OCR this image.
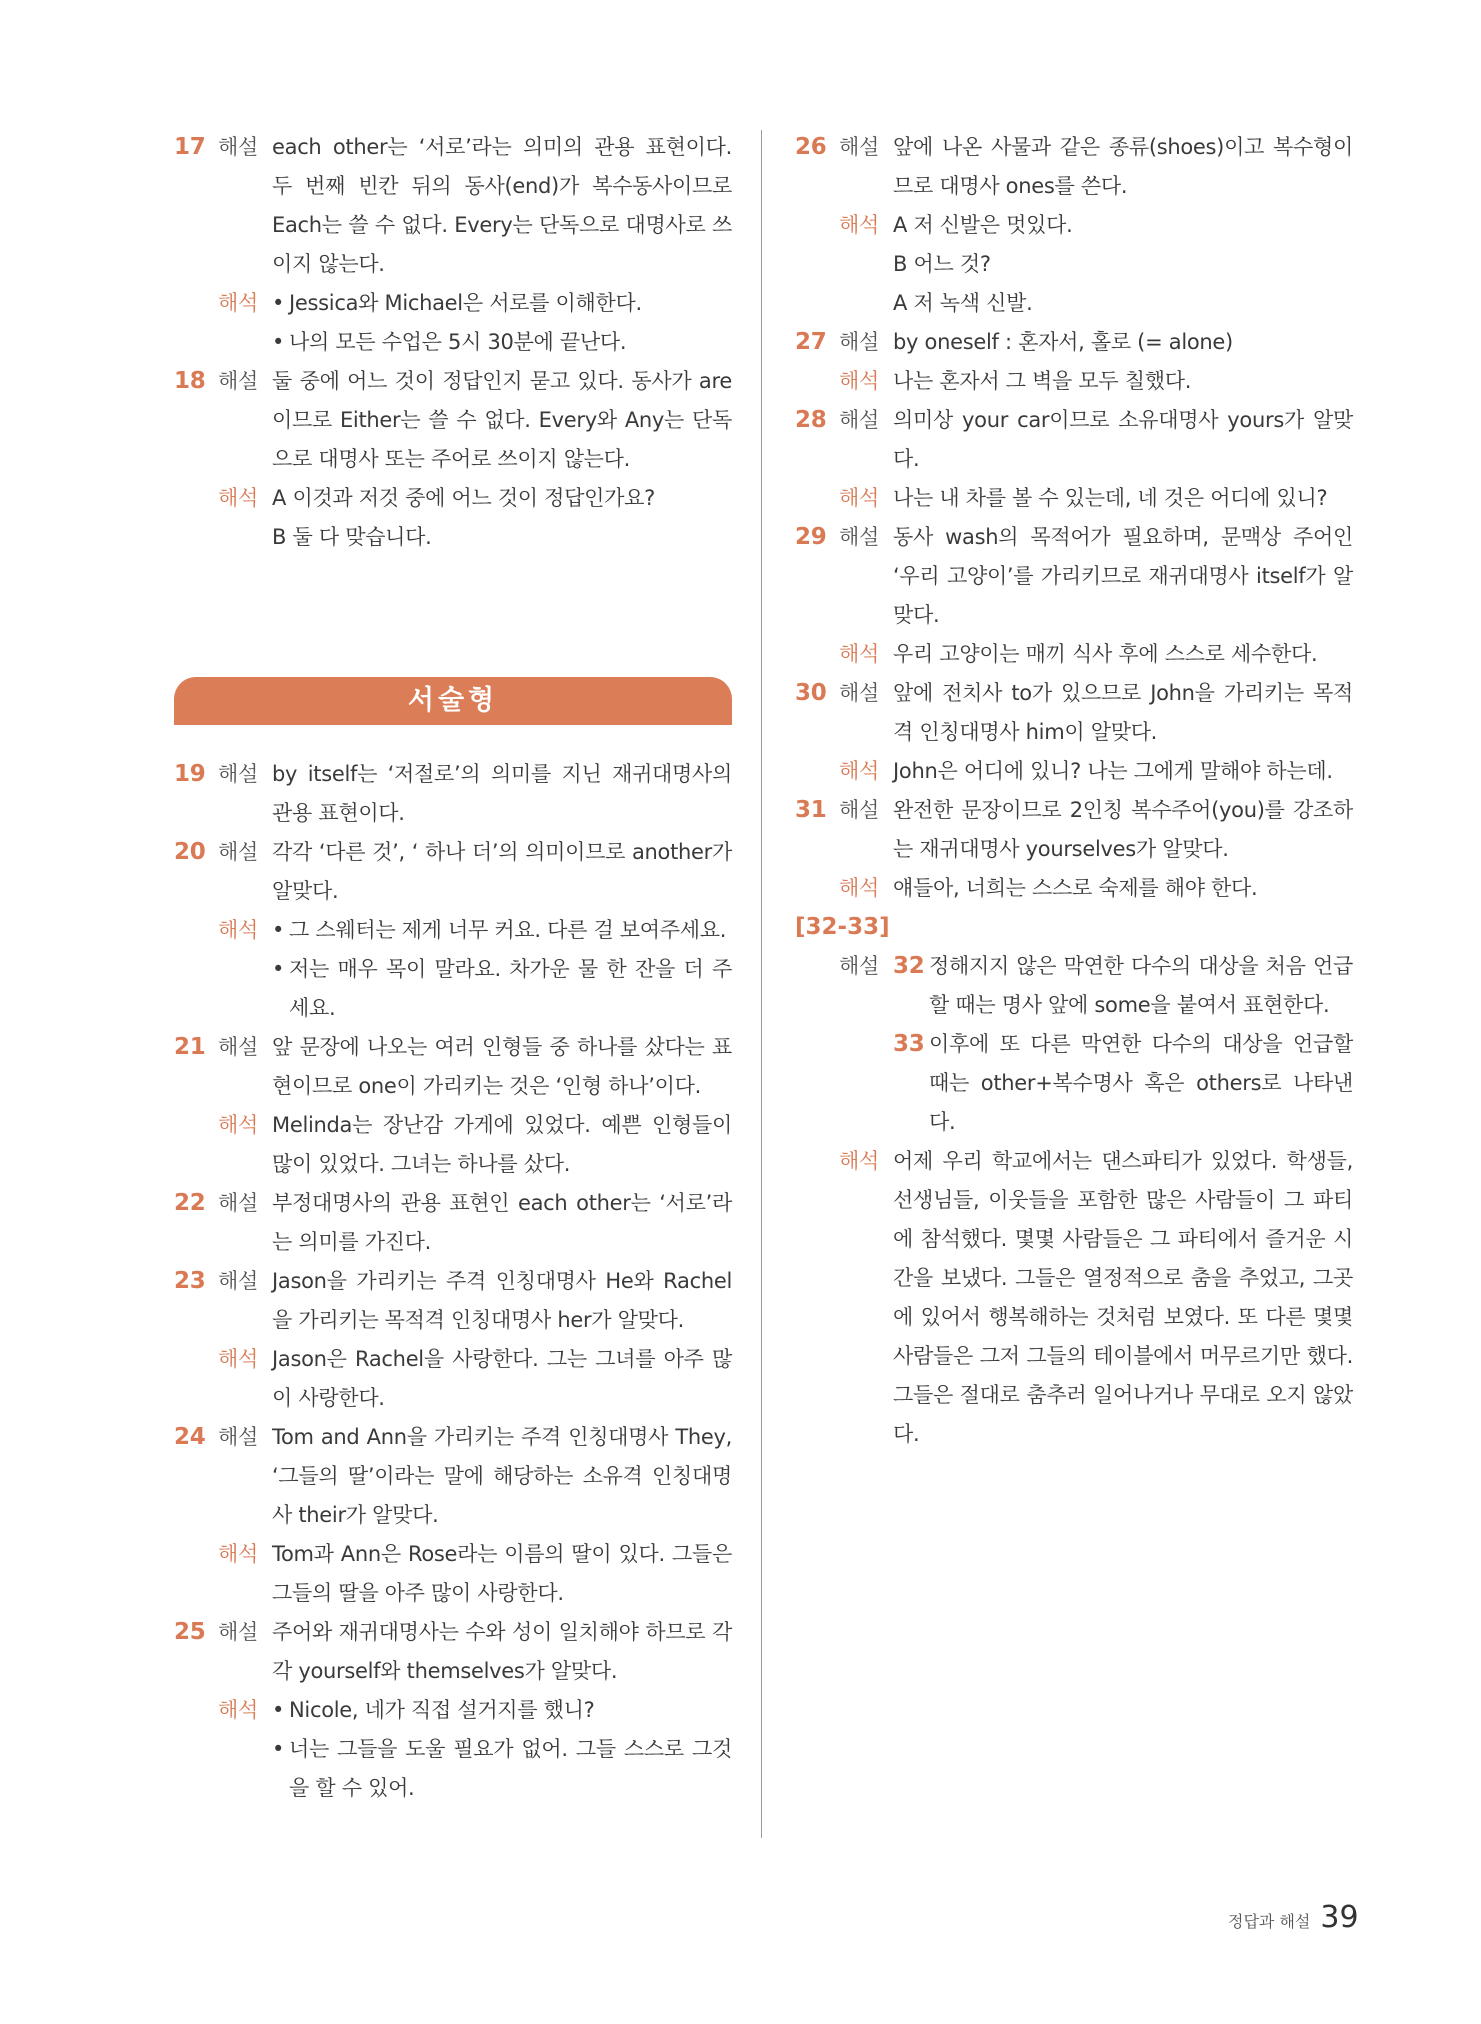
17 해설 each other는 ‘서로’라는 의미의 관용 표현이다. 두 번째 빈칸 뒤의 동사(end)가 복수동사이므로 Each는 쓸 수 없다. Every는 단독으로 대명사로 쓰이지 않는다.
해석 • Jessica와 Michael은 서로를 이해한다.
• 나의 모든 수업은 5시 30분에 끝난다.
18 해설 둘 중에 어느 것이 정답인지 묻고 있다. 동사가 are이므로 Either는 쓸 수 없다. Every와 Any는 단독으로 대명사 또는 주어로 쓰이지 않는다.
해석 A 이것과 저것 중에 어느 것이 정답인가요?
B 둘 다 맞습니다.
서술형
19 해설 by itself는 ‘저절로’의 의미를 지닌 재귀대명사의 관용 표현이다.
20 해설 각각 ‘다른 것’, ‘ 하나 더’의 의미이므로 another가 알맞다.
해석 • 그 스웨터는 제게 너무 커요. 다른 걸 보여주세요.
• 저는 매우 목이 말라요. 차가운 물 한 잔을 더 주세요.
21 해설 앞 문장에 나오는 여러 인형들 중 하나를 샀다는 표현이므로 one이 가리키는 것은 ‘인형 하나’이다.
해석 Melinda는 장난감 가게에 있었다. 예쁜 인형들이 많이 있었다. 그녀는 하나를 샀다.
22 해설 부정대명사의 관용 표현인 each other는 ‘서로’라는 의미를 가진다.
23 해설 Jason을 가리키는 주격 인칭대명사 He와 Rachel을 가리키는 목적격 인칭대명사 her가 알맞다.
해석 Jason은 Rachel을 사랑한다. 그는 그녀를 아주 많이 사랑한다.
24 해설 Tom and Ann을 가리키는 주격 인칭대명사 They, ‘그들의 딸’이라는 말에 해당하는 소유격 인칭대명사 their가 알맞다.
해석 Tom과 Ann은 Rose라는 이름의 딸이 있다. 그들은 그들의 딸을 아주 많이 사랑한다.
25 해설 주어와 재귀대명사는 수와 성이 일치해야 하므로 각각 yourself와 themselves가 알맞다.
해석 • Nicole, 네가 직접 설거지를 했니?
• 너는 그들을 도울 필요가 없어. 그들 스스로 그것을 할 수 있어.
26 해설 앞에 나온 사물과 같은 종류(shoes)이고 복수형이므로 대명사 ones를 쓴다.
해석 A 저 신발은 멋있다.
B 어느 것?
A 저 녹색 신발.
27 해설 by oneself : 혼자서, 홀로 (= alone)
해석 나는 혼자서 그 벽을 모두 칠했다.
28 해설 의미상 your car이므로 소유대명사 yours가 알맞다.
해석 나는 내 차를 볼 수 있는데, 네 것은 어디에 있니?
29 해설 동사 wash의 목적어가 필요하며, 문맥상 주어인 ‘우리 고양이’를 가리키므로 재귀대명사 itself가 알맞다.
해석 우리 고양이는 매끼 식사 후에 스스로 세수한다.
30 해설 앞에 전치사 to가 있으므로 John을 가리키는 목적격 인칭대명사 him이 알맞다.
해석 John은 어디에 있니? 나는 그에게 말해야 하는데.
31 해설 완전한 문장이므로 2인칭 복수주어(you)를 강조하는 재귀대명사 yourselves가 알맞다.
해석 얘들아, 너희는 스스로 숙제를 해야 한다.
[32-33]
해설 32 정해지지 않은 막연한 다수의 대상을 처음 언급할 때는 명사 앞에 some을 붙여서 표현한다.
33 이후에 또 다른 막연한 다수의 대상을 언급할 때는 other+복수명사 혹은 others로 나타낸다.
해석 어제 우리 학교에서는 댄스파티가 있었다. 학생들, 선생님들, 이웃들을 포함한 많은 사람들이 그 파티에 참석했다. 몇몇 사람들은 그 파티에서 즐거운 시간을 보냈다. 그들은 열정적으로 춤을 추었고, 그곳에 있어서 행복해하는 것처럼 보였다. 또 다른 몇몇 사람들은 그저 그들의 테이블에서 머무르기만 했다. 그들은 절대로 춤추러 일어나거나 무대로 오지 않았다.
정답과 해설 39
